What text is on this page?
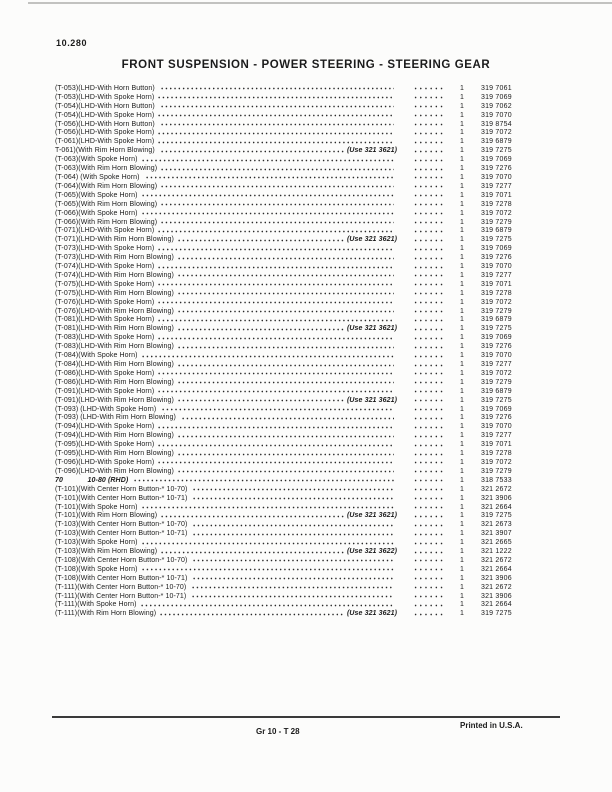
10.280
FRONT SUSPENSION - POWER STEERING - STEERING GEAR
(T-053)(LHD-With Horn Button)	1	319 7061
(T-053)(LHD-With Spoke Horn)	1	319 7069
(T-054)(LHD-With Horn Button)	1	319 7062
(T-054)(LHD-With Spoke Horn)	1	319 7070
(T-056)(LHD-With Horn Button)	1	319 8754
(T-056)(LHD-With Spoke Horn)	1	319 7072
(T-061)(LHD-With Spoke Horn)	1	319 6879
T-061)(With Rim Horn Blowing)	(Use 321 3621)	1	319 7275
(T-063)(With Spoke Horn)	1	319 7069
(T-063)(With Rim Horn Blowing)	1	319 7276
(T-064) (With Spoke Horn)	1	319 7070
(T-064)(With Rim Horn Blowing)	1	319 7277
(T-065)(With Spoke Horn)	1	319 7071
(T-065)(With Rim Horn Blowing)	1	319 7278
(T-066)(With Spoke Horn)	1	319 7072
(T-066)(With Rim Horn Blowing)	1	319 7279
(T-071)(LHD-With Spoke Horn)	1	319 6879
(T-071)(LHD-With Rim Horn Blowing)	(Use 321 3621)	1	319 7275
(T-073)(LHD-With Spoke Horn)	1	319 7069
(T-073)(LHD-With Rim Horn Blowing)	1	319 7276
(T-074)(LHD-With Spoke Horn)	1	319 7070
(T-074)(LHD-With Rim Horn Blowing)	1	319 7277
(T-075)(LHD-With Spoke Horn)	1	319 7071
(T-075)(LHD-With Rim Horn Blowing)	1	319 7278
(T-076)(LHD-With Spoke Horn)	1	319 7072
(T-076)(LHD-With Rim Horn Blowing)	1	319 7279
(T-081)(LHD-With Spoke Horn)	1	319 6879
(T-081)(LHD-With Rim Horn Blowing)	(Use 321 3621)	1	319 7275
(T-083)(LHD-With Spoke Horn)	1	319 7069
(T-083)(LHD-With Rim Horn Blowing)	1	319 7276
(T-084)(With Spoke Horn)	1	319 7070
(T-084)(LHD-With Rim Horn Blowing)	1	319 7277
(T-086)(LHD-With Spoke Horn)	1	319 7072
(T-086)(LHD-With Rim Horn Blowing)	1	319 7279
(T-091)(LHD-With Spoke Horn)	1	319 6879
(T-091)(LHD-With Rim Horn Blowing)	(Use 321 3621)	1	319 7275
(T-093) (LHD-With Spoke Horn)	1	319 7069
(T-093) (LHD-With Rim Horn Blowing)	1	319 7276
(T-094)(LHD-With Spoke Horn)	1	319 7070
(T-094)(LHD-With Rim Horn Blowing)	1	319 7277
(T-095)(LHD-With Spoke Horn)	1	319 7071
(T-095)(LHD-With Rim Horn Blowing)	1	319 7278
(T-096)(LHD-With Spoke Horn)	1	319 7072
(T-096)(LHD-With Rim Horn Blowing)	1	319 7279
70            10-80 (RHD)	1	318 7533
(T-101)(With Center Horn Button-* 10-70)	1	321 2672
(T-101)(With Center Horn Button-* 10-71)	1	321 3906
(T-101)(With Spoke Horn)	1	321 2664
(T-101)(With Rim Horn Blowing)	(Use 321 3621)	1	319 7275
(T-103)(With Center Horn Button-* 10-70)	1	321 2673
(T-103)(With Center Horn Button-* 10-71)	1	321 3907
(T-103)(With Spoke Horn)	1	321 2665
(T-103)(With Rim Horn Blowing)	(Use 321 3622)	1	321 1222
(T-108)(With Center Horn Button-* 10-70)	1	321 2672
(T-108)(With Spoke Horn)	1	321 2664
(T-108)(With Center Horn Button-* 10-71)	1	321 3906
(T-111)(With Center Horn Button-* 10-70)	1	321 2672
(T-111)(With Center Horn Button-* 10-71)	1	321 3906
(T-111)(With Spoke Horn)	1	321 2664
(T-111)(With Rim Horn Blowing)	(Use 321 3621)	1	319 7275
Gr 10 - T 28
Printed in U.S.A.
